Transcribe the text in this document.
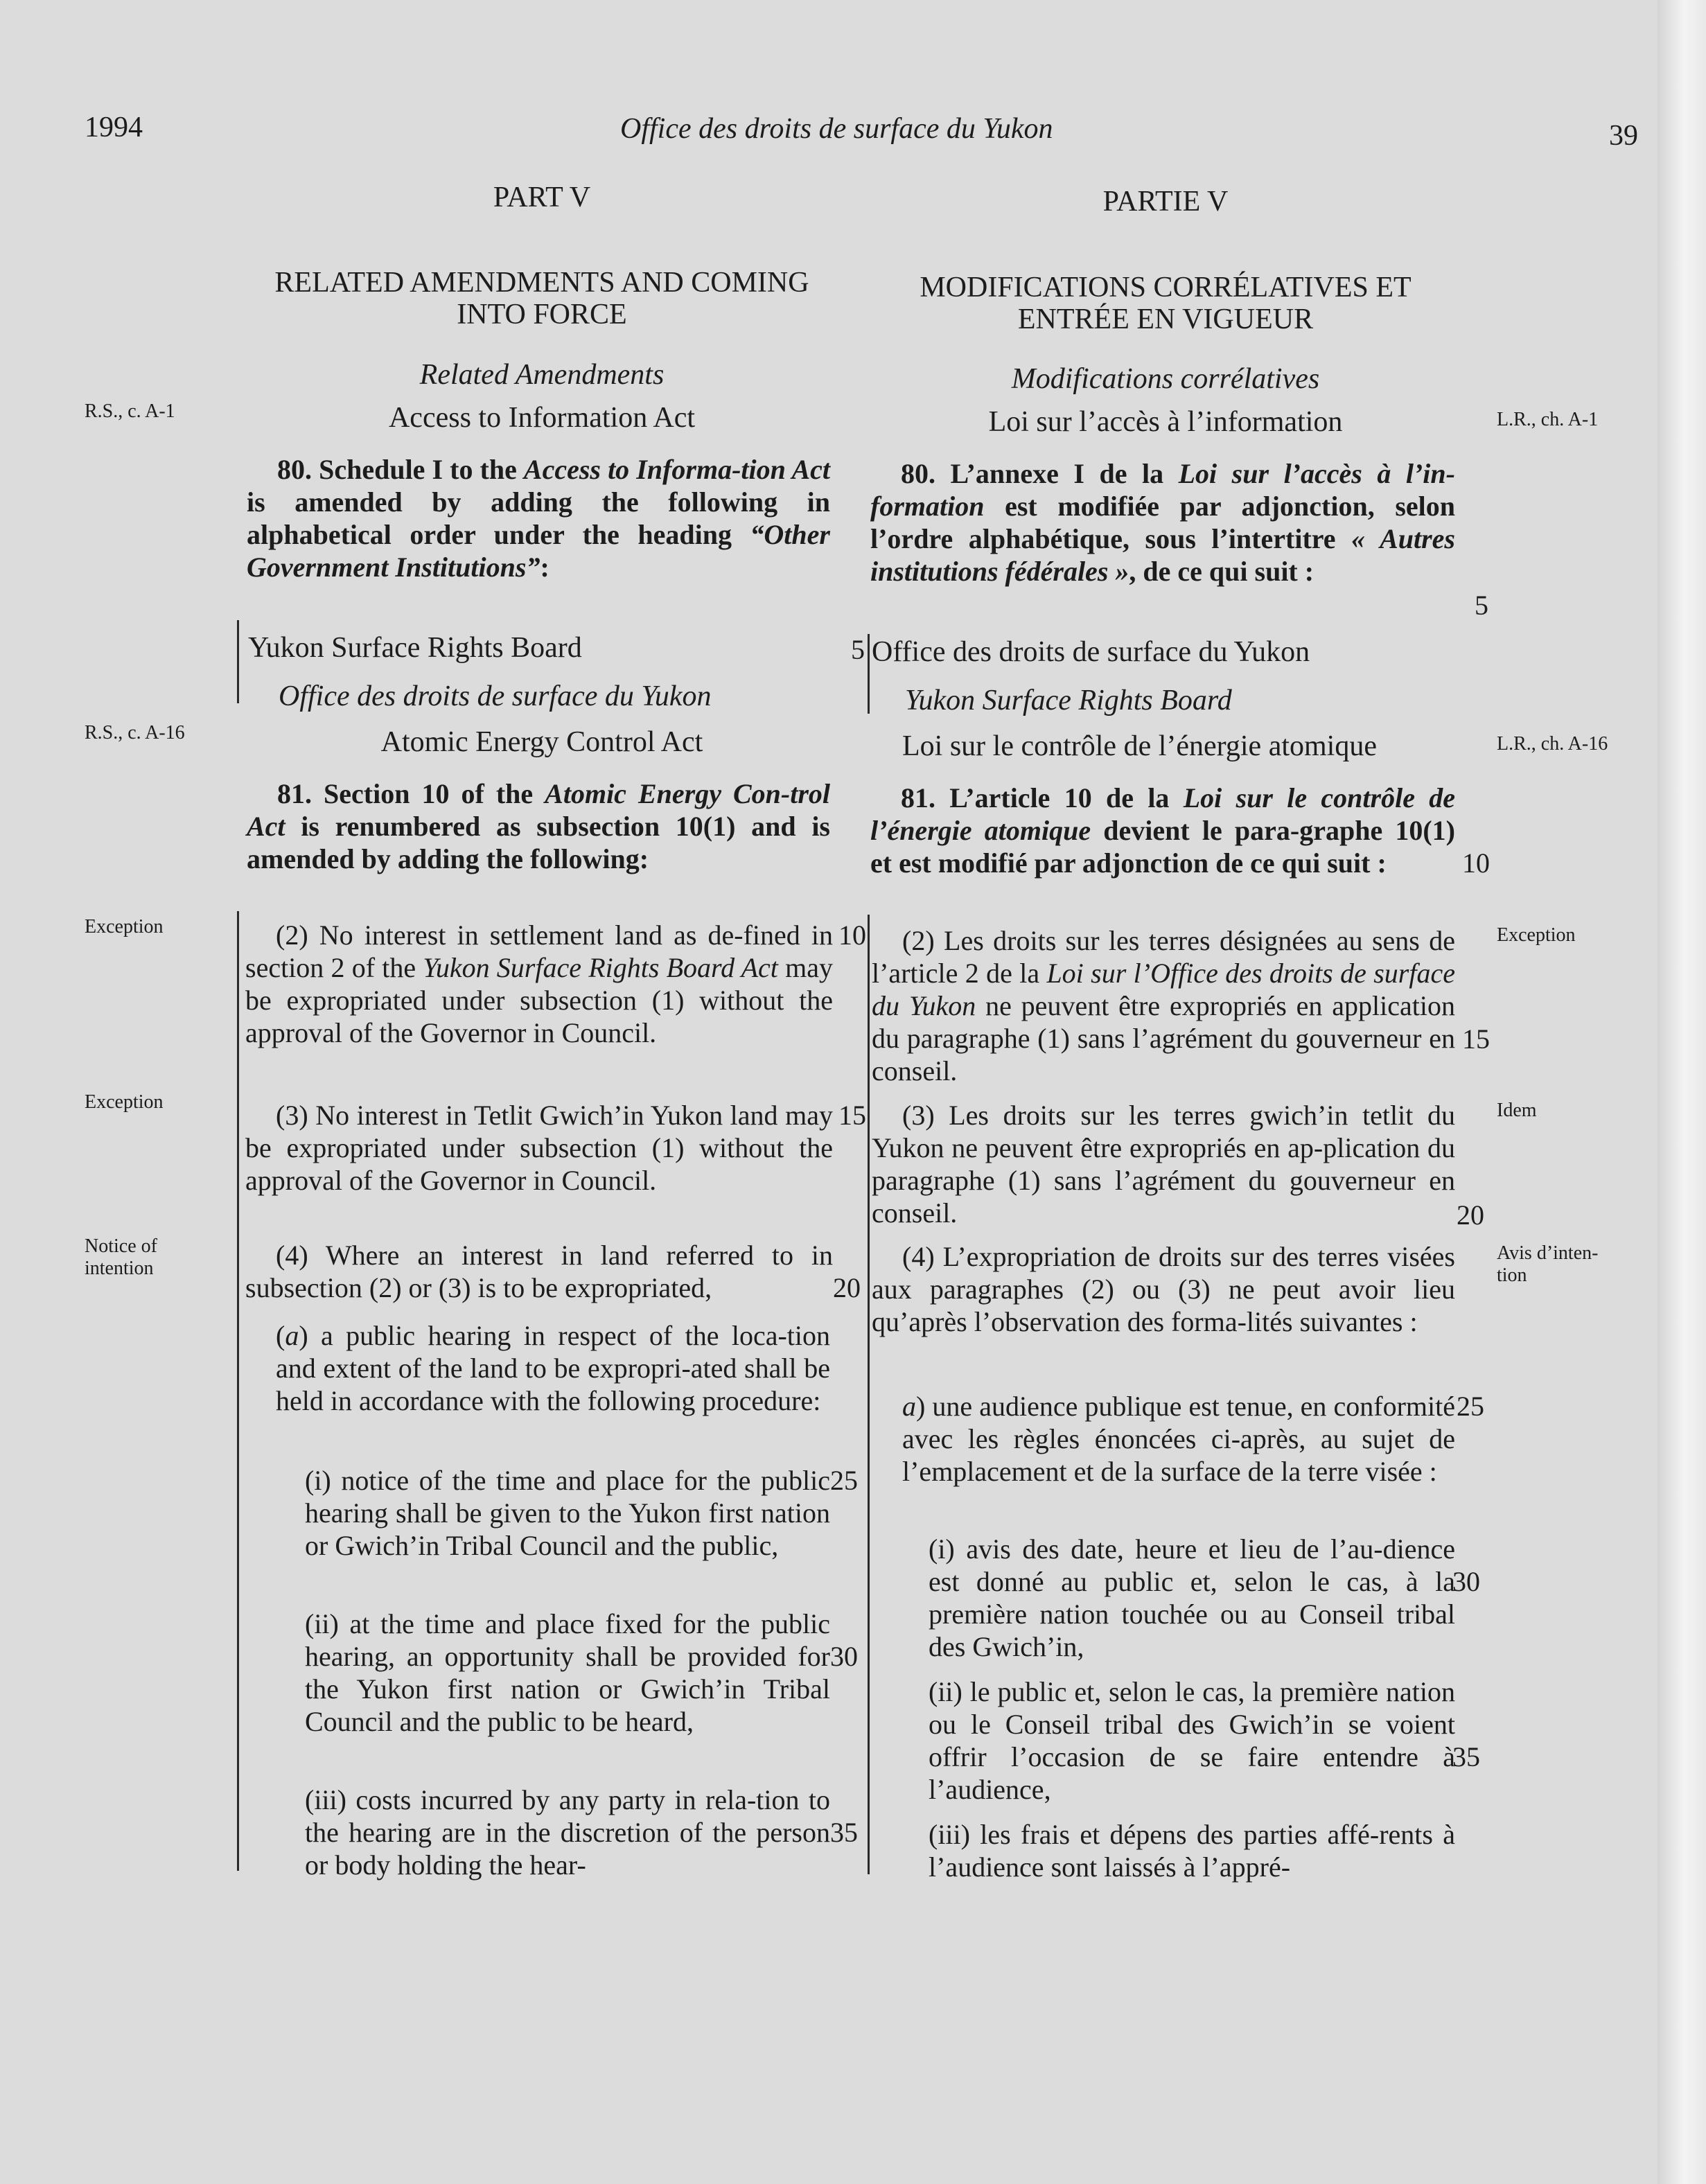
1994	Office des droits de surface du Yukon	39
R.S., c. A-1
R.S., c. A-16
Exception
Exception
Notice of intention
L.R., ch. A-1
L.R., ch. A-16
Exception
Idem
Avis d’inten-tion
PART V
RELATED AMENDMENTS AND COMING INTO FORCE
Related Amendments
Access to Information Act
80. Schedule I to the Access to Informa-tion Act is amended by adding the following in alphabetical order under the heading “Other Government Institutions”:
Yukon Surface Rights Board
Office des droits de surface du Yukon
Atomic Energy Control Act
81. Section 10 of the Atomic Energy Con-trol Act is renumbered as subsection 10(1) and is amended by adding the following:
(2) No interest in settlement land as de-fined in section 2 of the Yukon Surface Rights Board Act may be expropriated under subsection (1) without the approval of the Governor in Council.
(3) No interest in Tetlit Gwich’in Yukon land may be expropriated under subsection (1) without the approval of the Governor in Council.
(4) Where an interest in land referred to in subsection (2) or (3) is to be expropriated,
(a) a public hearing in respect of the loca-tion and extent of the land to be expropri-ated shall be held in accordance with the following procedure:
(i) notice of the time and place for the public hearing shall be given to the Yukon first nation or Gwich’in Tribal Council and the public,
(ii) at the time and place fixed for the public hearing, an opportunity shall be provided for the Yukon first nation or Gwich’in Tribal Council and the public to be heard,
(iii) costs incurred by any party in rela-tion to the hearing are in the discretion of the person or body holding the hear-
5
10
15
20
25
30
35
PARTIE V
MODIFICATIONS CORRÉLATIVES ET ENTRÉE EN VIGUEUR
Modifications corrélatives
Loi sur l’accès à l’information
80. L’annexe I de la Loi sur l’accès à l’in-formation est modifiée par adjonction, selon l’ordre alphabétique, sous l’intertitre « Autres institutions fédérales », de ce qui suit :
Office des droits de surface du Yukon
Yukon Surface Rights Board
Loi sur le contrôle de l’énergie atomique
81. L’article 10 de la Loi sur le contrôle de l’énergie atomique devient le para-graphe 10(1) et est modifié par adjonction de ce qui suit :
(2) Les droits sur les terres désignées au sens de l’article 2 de la Loi sur l’Office des droits de surface du Yukon ne peuvent être expropriés en application du paragraphe (1) sans l’agrément du gouverneur en conseil.
(3) Les droits sur les terres gwich’in tetlit du Yukon ne peuvent être expropriés en ap-plication du paragraphe (1) sans l’agrément du gouverneur en conseil.
(4) L’expropriation de droits sur des terres visées aux paragraphes (2) ou (3) ne peut avoir lieu qu’après l’observation des forma-lités suivantes :
a) une audience publique est tenue, en conformité avec les règles énoncées ci-après, au sujet de l’emplacement et de la surface de la terre visée :
(i) avis des date, heure et lieu de l’au-dience est donné au public et, selon le cas, à la première nation touchée ou au Conseil tribal des Gwich’in,
(ii) le public et, selon le cas, la première nation ou le Conseil tribal des Gwich’in se voient offrir l’occasion de se faire entendre à l’audience,
(iii) les frais et dépens des parties affé-rents à l’audience sont laissés à l’appré-
5
10
15
20
25
30
35
